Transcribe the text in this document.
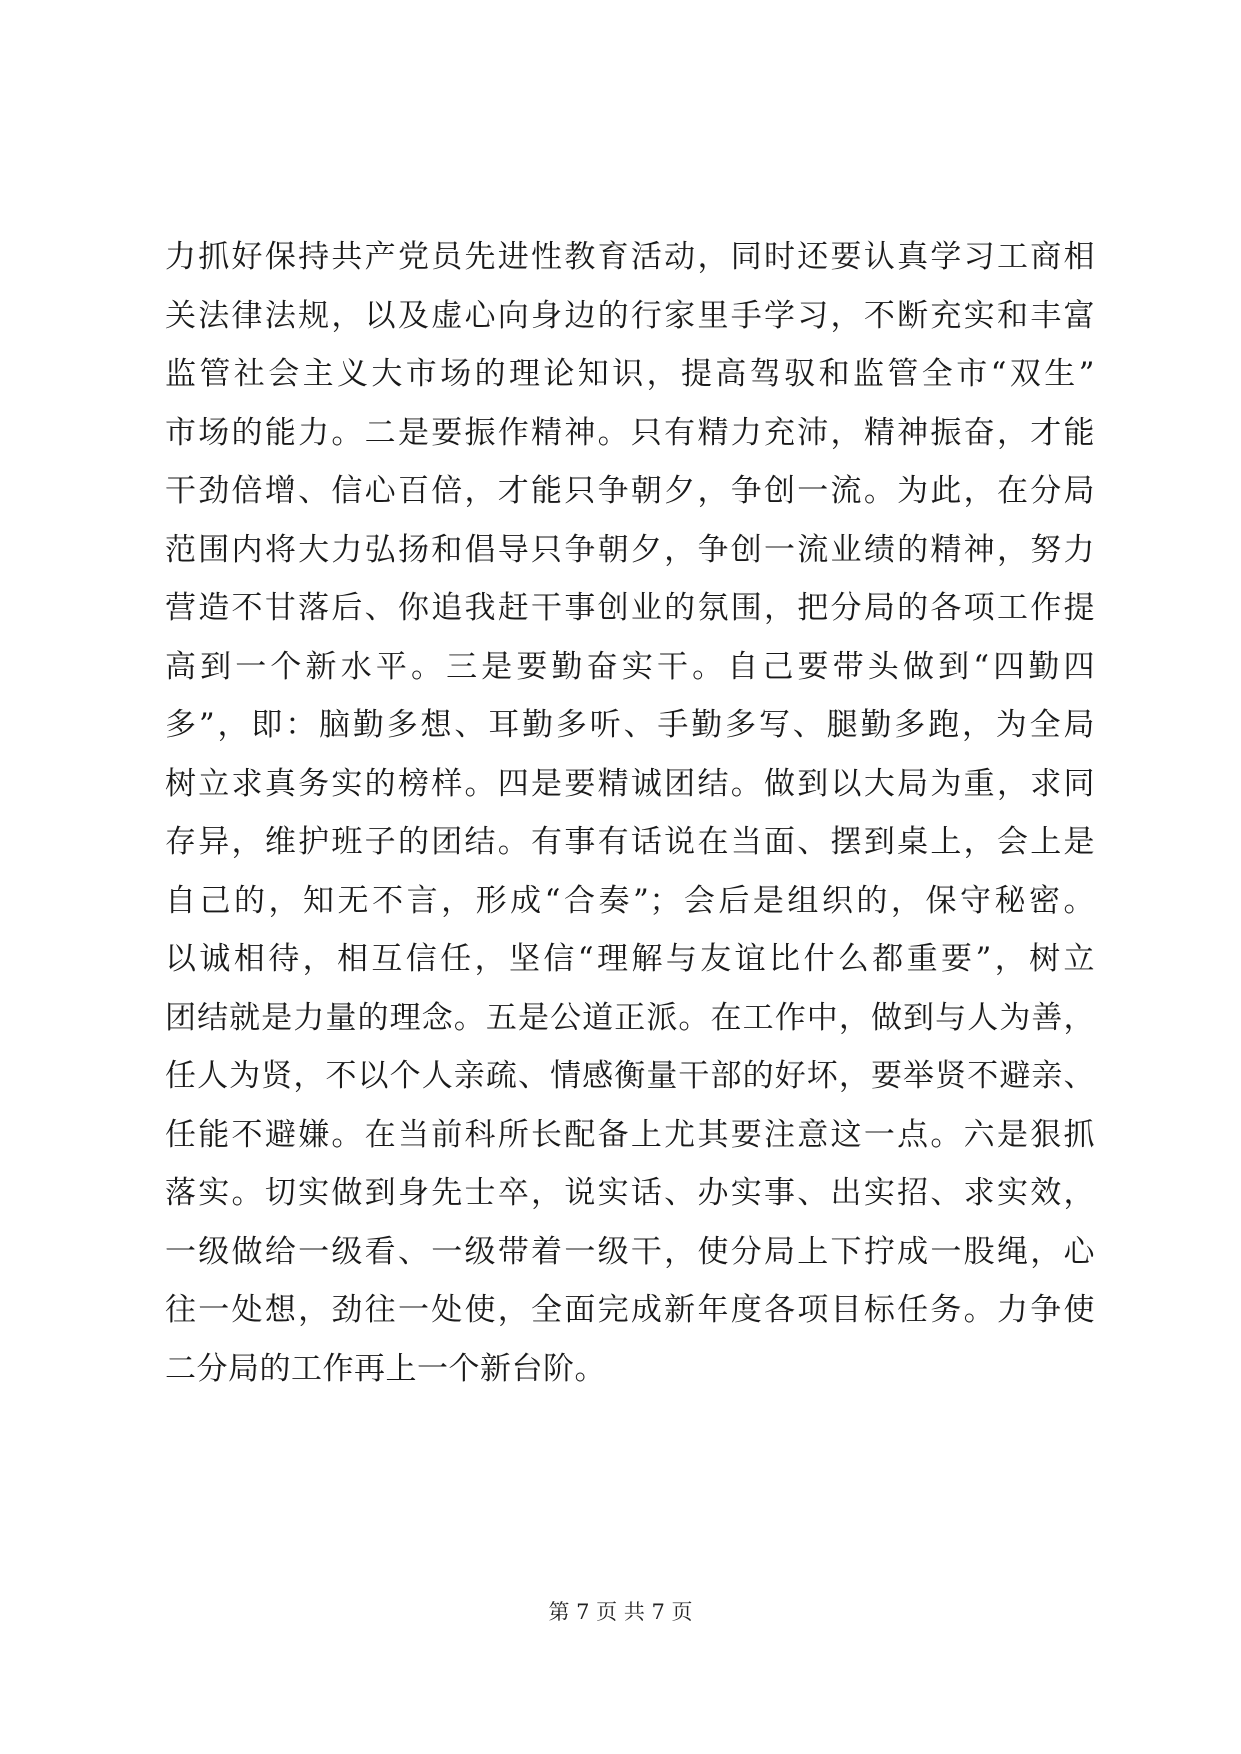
力抓好保持共产党员先进性教育活动，同时还要认真学习工商相
关法律法规，以及虚心向身边的行家里手学习，不断充实和丰富
监管社会主义大市场的理论知识，提高驾驭和监管全市“双生”
市场的能力。二是要振作精神。只有精力充沛，精神振奋，才能
干劲倍增、信心百倍，才能只争朝夕，争创一流。为此，在分局
范围内将大力弘扬和倡导只争朝夕，争创一流业绩的精神，努力
营造不甘落后、你追我赶干事创业的氛围，把分局的各项工作提
高到一个新水平。三是要勤奋实干。自己要带头做到“四勤四
多”，即：脑勤多想、耳勤多听、手勤多写、腿勤多跑，为全局
树立求真务实的榜样。四是要精诚团结。做到以大局为重，求同
存异，维护班子的团结。有事有话说在当面、摆到桌上，会上是
自己的，知无不言，形成“合奏”；会后是组织的，保守秘密。
以诚相待，相互信任，坚信“理解与友谊比什么都重要”，树立
团结就是力量的理念。五是公道正派。在工作中，做到与人为善，
任人为贤，不以个人亲疏、情感衡量干部的好坏，要举贤不避亲、
任能不避嫌。在当前科所长配备上尤其要注意这一点。六是狠抓
落实。切实做到身先士卒，说实话、办实事、出实招、求实效，
一级做给一级看、一级带着一级干，使分局上下拧成一股绳，心
往一处想，劲往一处使，全面完成新年度各项目标任务。力争使
二分局的工作再上一个新台阶。
第 7 页 共 7 页
